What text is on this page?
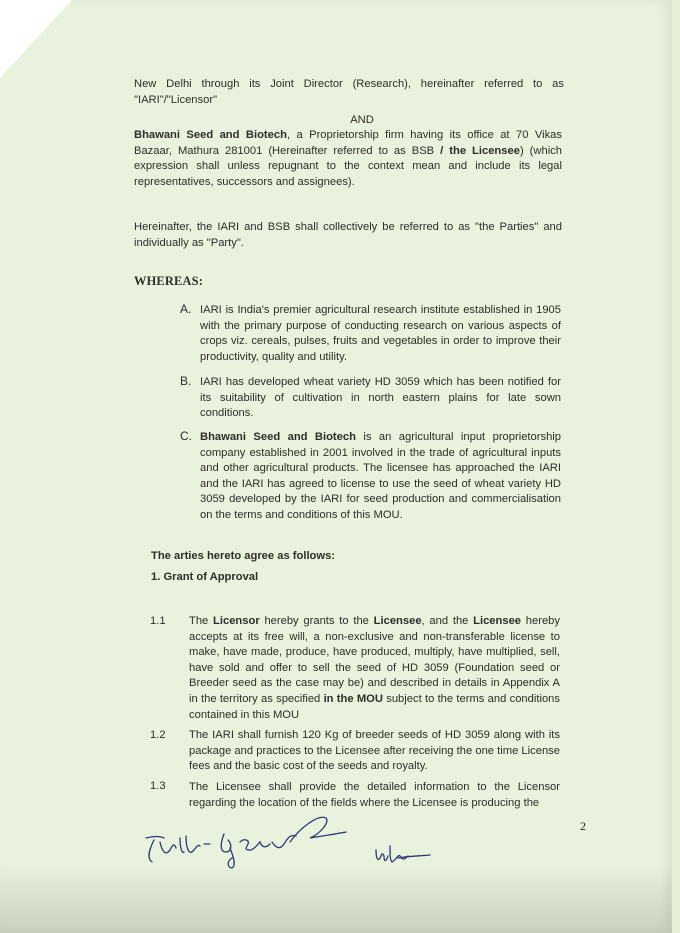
New Delhi through its Joint Director (Research), hereinafter referred to as "IARI"/"Licensor"
AND
Bhawani Seed and Biotech, a Proprietorship firm having its office at 70 Vikas Bazaar, Mathura 281001 (Hereinafter referred to as BSB / the Licensee) (which expression shall unless repugnant to the context mean and include its legal representatives, successors and assignees).
Hereinafter, the IARI and BSB shall collectively be referred to as "the Parties" and individually as "Party".
WHEREAS:
A. IARI is India's premier agricultural research institute established in 1905 with the primary purpose of conducting research on various aspects of crops viz. cereals, pulses, fruits and vegetables in order to improve their productivity, quality and utility.
B. IARI has developed wheat variety HD 3059 which has been notified for its suitability of cultivation in north eastern plains for late sown conditions.
C. Bhawani Seed and Biotech is an agricultural input proprietorship company established in 2001 involved in the trade of agricultural inputs and other agricultural products. The licensee has approached the IARI and the IARI has agreed to license to use the seed of wheat variety HD 3059 developed by the IARI for seed production and commercialisation on the terms and conditions of this MOU.
The arties hereto agree as follows:
1. Grant of Approval
1.1 The Licensor hereby grants to the Licensee, and the Licensee hereby accepts at its free will, a non-exclusive and non-transferable license to make, have made, produce, have produced, multiply, have multiplied, sell, have sold and offer to sell the seed of HD 3059 (Foundation seed or Breeder seed as the case may be) and described in details in Appendix A in the territory as specified in the MOU subject to the terms and conditions contained in this MOU
1.2 The IARI shall furnish 120 Kg of breeder seeds of HD 3059 along with its package and practices to the Licensee after receiving the one time License fees and the basic cost of the seeds and royalty.
1.3 The Licensee shall provide the detailed information to the Licensor regarding the location of the fields where the Licensee is producing the
2
